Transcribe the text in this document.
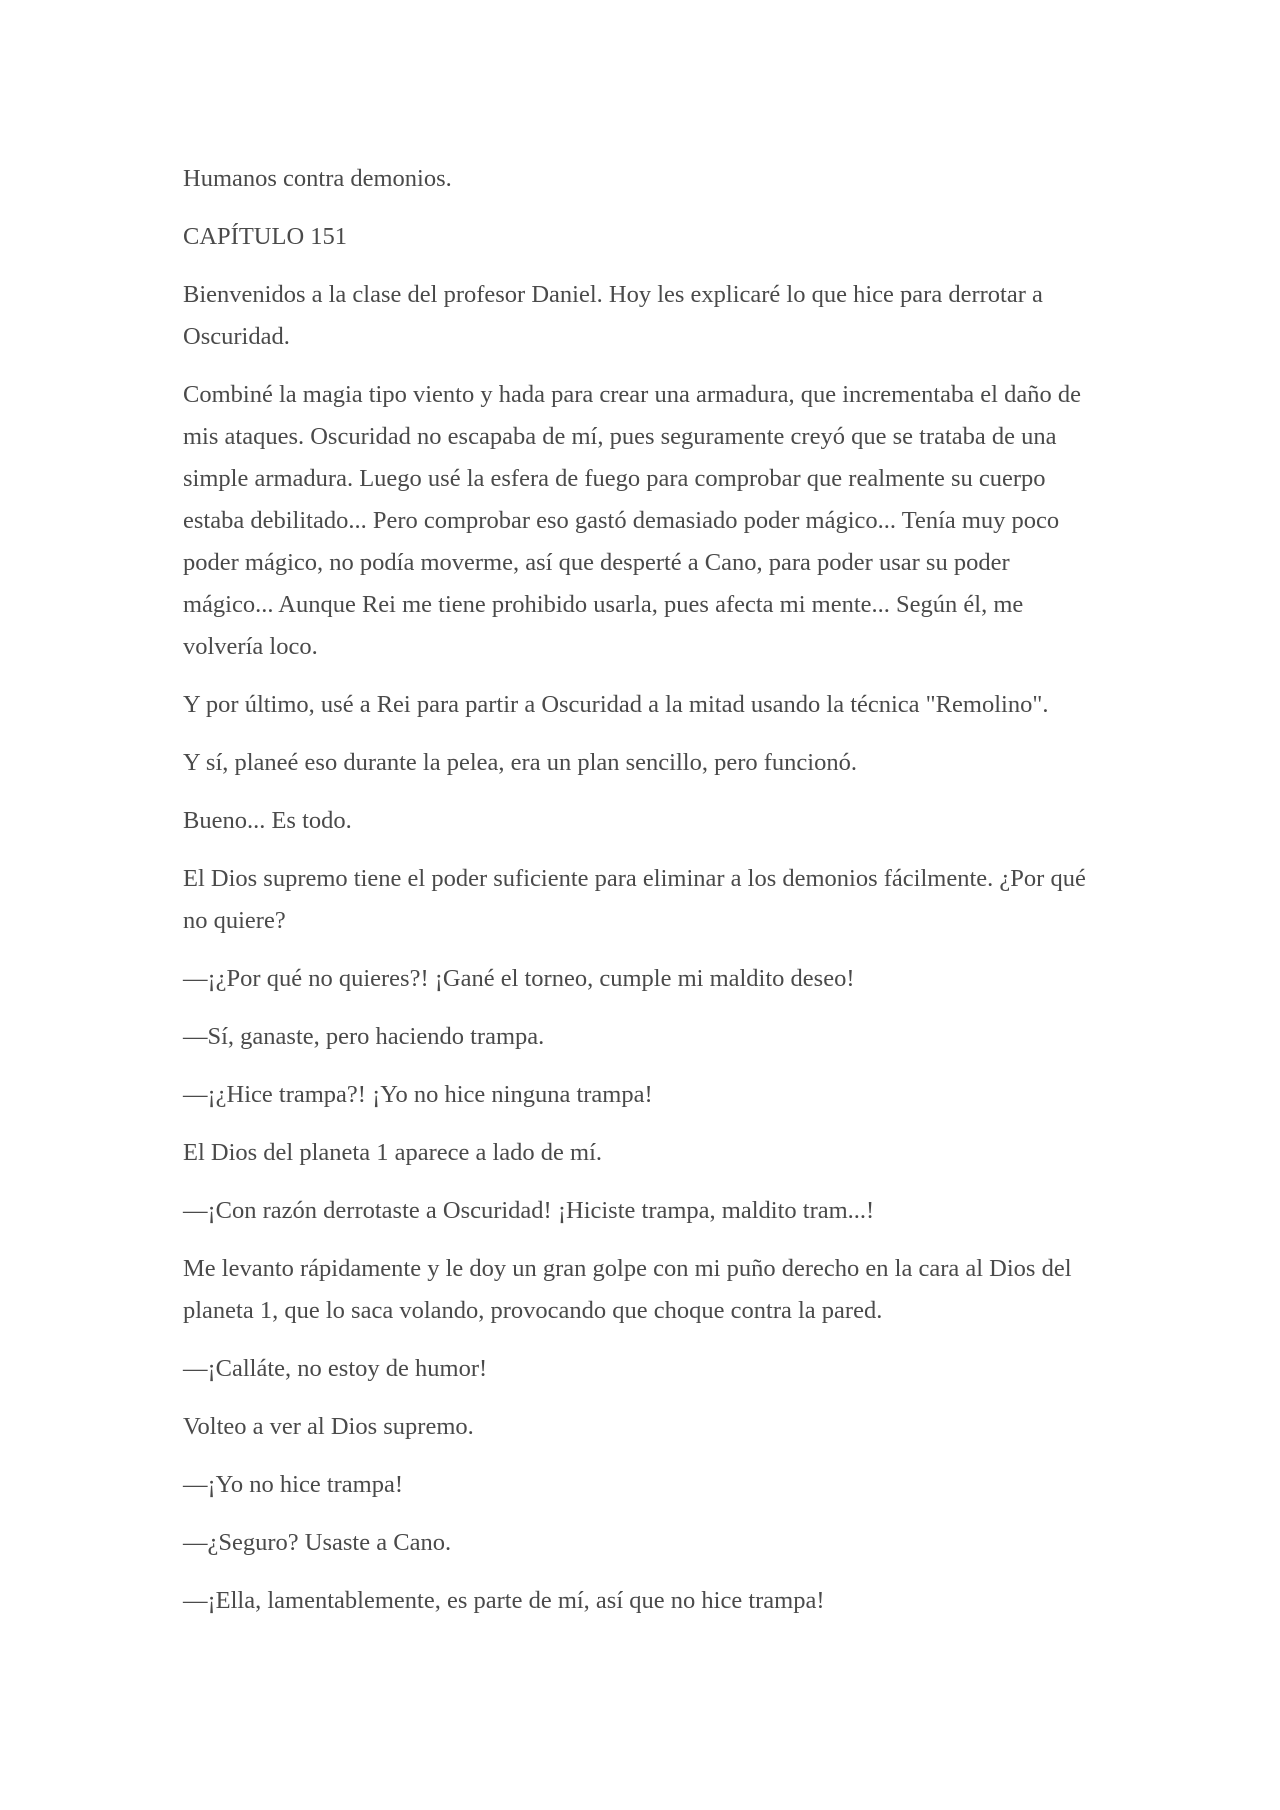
Humanos contra demonios.

CAPÍTULO 151

Bienvenidos a la clase del profesor Daniel. Hoy les explicaré lo que hice para derrotar a Oscuridad.

Combiné la magia tipo viento y hada para crear una armadura, que incrementaba el daño de mis ataques. Oscuridad no escapaba de mí, pues seguramente creyó que se trataba de una simple armadura. Luego usé la esfera de fuego para comprobar que realmente su cuerpo estaba debilitado... Pero comprobar eso gastó demasiado poder mágico... Tenía muy poco poder mágico, no podía moverme, así que desperté a Cano, para poder usar su poder mágico... Aunque Rei me tiene prohibido usarla, pues afecta mi mente... Según él, me volvería loco.

Y por último, usé a Rei para partir a Oscuridad a la mitad usando la técnica "Remolino".

Y sí, planeé eso durante la pelea, era un plan sencillo, pero funcionó.

Bueno... Es todo.

El Dios supremo tiene el poder suficiente para eliminar a los demonios fácilmente. ¿Por qué no quiere?

—¡¿Por qué no quieres?! ¡Gané el torneo, cumple mi maldito deseo!

—Sí, ganaste, pero haciendo trampa.

—¡¿Hice trampa?! ¡Yo no hice ninguna trampa!

El Dios del planeta 1 aparece a lado de mí.

—¡Con razón derrotaste a Oscuridad! ¡Hiciste trampa, maldito tram...!

Me levanto rápidamente y le doy un gran golpe con mi puño derecho en la cara al Dios del planeta 1, que lo saca volando, provocando que choque contra la pared.

—¡Calláte, no estoy de humor!

Volteo a ver al Dios supremo.

—¡Yo no hice trampa!

—¿Seguro? Usaste a Cano.

—¡Ella, lamentablemente, es parte de mí, así que no hice trampa!
